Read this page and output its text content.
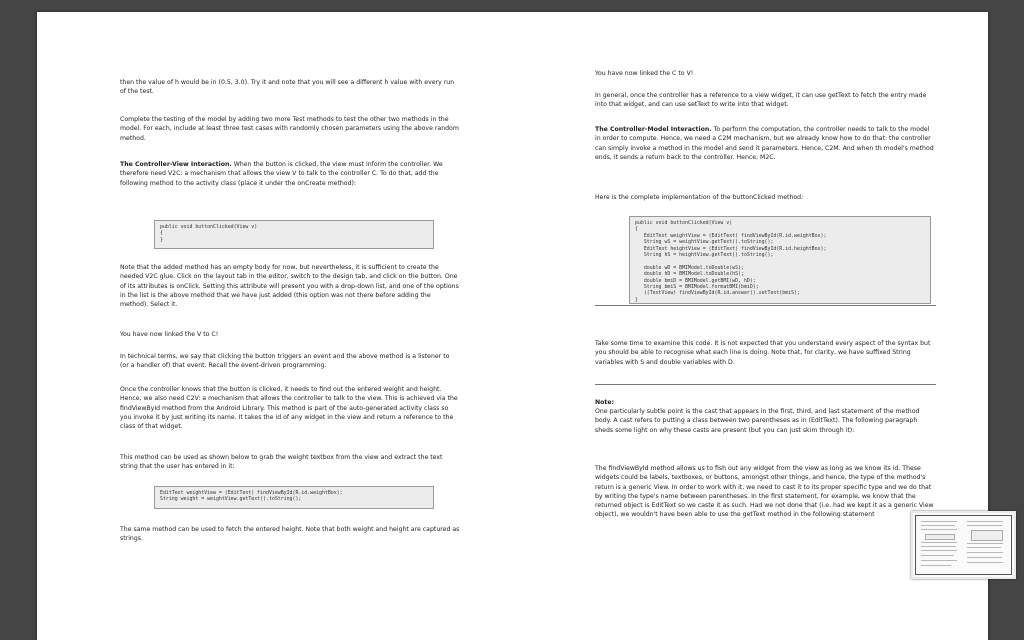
then the value of h would be in (0.5, 3.0). Try it and note that you will see a different h value with every run of the test.

Complete the testing of the model by adding two more Test methods to test the other two methods in the model. For each, include at least three test cases with randomly chosen parameters using the above random method.

The Controller-View Interaction. When the button is clicked, the view must inform the controller. We therefore need V2C: a mechanism that allows the view V to talk to the controller C. To do that, add the following method to the activity class (place it under the onCreate method):

public void buttonClicked(View v)
{
}

Note that the added method has an empty body for now, but nevertheless, it is sufficient to create the needed V2C glue. Click on the layout tab in the editor, switch to the design tab, and click on the button. One of its attributes is onClick. Setting this attribute will present you with a drop-down list, and one of the options in the list is the above method that we have just added (this option was not there before adding the method). Select it.

You have now linked the V to C!

In technical terms, we say that clicking the button triggers an event and the above method is a listener to (or a handler of) that event. Recall the event-driven programming.

Once the controller knows that the button is clicked, it needs to find out the entered weight and height. Hence, we also need C2V: a mechanism that allows the controller to talk to the view. This is achieved via the findViewById method from the Android Library. This method is part of the auto-generated activity class so you invoke it by just writing its name. It takes the id of any widget in the view and return a reference to the class of that widget.

This method can be used as shown below to grab the weight textbox from the view and extract the text string that the user has entered in it:

EditText weightView = (EditText) findViewById(R.id.weightBox);
String weight = weightView.getText().toString();

The same method can be used to fetch the entered height. Note that both weight and height are captured as strings.

You have now linked the C to V!

In general, once the controller has a reference to a view widget, it can use getText to fetch the entry made into that widget, and can use setText to write into that widget.

The Controller-Model Interaction. To perform the computation, the controller needs to talk to the model in order to compute. Hence, we need a C2M mechanism, but we already know how to do that: the controller can simply invoke a method in the model and send it parameters. Hence, C2M. And when th model's method ends, it sends a return back to the controller. Hence, M2C.

Here is the complete implementation of the buttonClicked method:

public void buttonClicked(View v)
{
EditText weightView = (EditText) findViewById(R.id.weightBox);
String wS = weightView.getText().toString();
EditText heightView = (EditText) findViewById(R.id.heightBox);
String hS = heightView.getText().toString();

double wD = BMIModel.toDouble(wS);
double hD = BMIModel.toDouble(hS);
double bmiD = BMIModel.getBMI(wD, hD);
String bmiS = BMIModel.formatBMI(bmiD);
((TextView) findViewById(R.id.answer)).setText(bmiS);
}

Take some time to examine this code. It is not expected that you understand every aspect of the syntax but you should be able to recognise what each line is doing. Note that, for clarity, we have suffixed String variables with S and double variables with D.

Note:

One particularly subtle point is the cast that appears in the first, third, and last statement of the method body. A cast refers to putting a class between two parentheses as in (EditText). The following paragraph sheds some light on why these casts are present (but you can just skim through it):

The findViewById method allows us to fish out any widget from the view as long as we know its id. These widgets could be labels, textboxes, or buttons, amongst other things, and hence, the type of the method's return is a generic View. In order to work with it, we need to cast it to its proper specific type and we do that by writing the type's name between parentheses. In the first statement, for example, we know that the returned object is EditText so we caste it as such. Had we not done that (i.e. had we kept it as a generic View object), we wouldn't have been able to use the getText method in the following statement
